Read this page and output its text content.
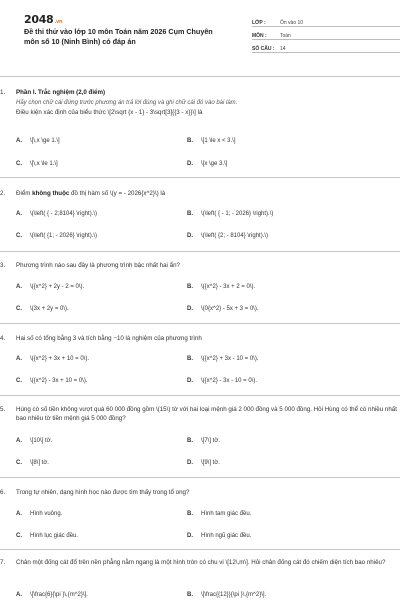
2048.vn
Đề thi thử vào lớp 10 môn Toán năm 2026 Cụm Chuyên môn số 10 (Ninh Bình) có đáp án
LỚP :	Ôn vào 10
MÔN :	Toán
SỐ CÂU :	14
1.	Phần I. Trắc nghiệm (2,0 điểm)
Hãy chọn chữ cái đứng trước phương án trả lời đúng và ghi chữ cái đó vào bài làm.
Điều kiện xác định của biểu thức \[2\sqrt {x - 1} - 3\sqrt[3]{{3 - x}}\] là
A.	\[\,x \ge 1.\]	B.	\[1 \le x < 3.\]
C.	\[\,x \le 1.\]	D.	\[x \ge 3.\]
2.	Điểm không thuộc đồ thị hàm số \(y = - 2026{x^2}\) là
A.	\(\left( { - 2;8104} \right).\)	B.	\(\left( { - 1; - 2026} \right).\)
C.	\(\left( {1; - 2026} \right).\)	D.	\(\left( {2; - 8104} \right).\)
3.	Phương trình nào sau đây là phương trình bậc nhất hai ẩn?
A.	\({x^2} + 2y - 2 = 0\).	B.	\({x^2} - 3x + 2 = 0\).
C.	\(3x + 2y = 0\).	D.	\(0{x^2} - 5x + 3 = 0\).
4.	Hai số có tổng bằng 3 và tích bằng −10 là nghiệm của phương trình
A.	\({x^2} + 3x + 10 = 0\).	B.	\({x^2} + 3x - 10 = 0\).
C.	\({x^2} - 3x + 10 = 0\).	D.	\({x^2} - 3x - 10 = 0\).
5.	Hùng có số tiền không vượt quá 60 000 đồng gồm \(15\) tờ với hai loại mệnh giá 2 000 đồng và 5 000 đồng. Hỏi Hùng có thể có nhiều nhất bao nhiêu tờ tiền mệnh giá 5 000 đồng?
A.	\[10\] tờ.	B.	\[7\] tờ.
C.	\[8\] tờ.	D.	\[9\] tờ.
6.	Trong tự nhiên, dạng hình học nào được tìm thấy trong tổ ong?
A.	Hình vuông.	B.	Hình tam giác đều.
C.	Hình lục giác đều.	D.	Hình ngũ giác đều.
7.	Chân một đống cát đổ trên nền phẳng nằm ngang là một hình tròn có chu vi \[12\,m\]. Hỏi chân đống cát đó chiếm diện tích bao nhiêu?
A.	\[\frac{6}{\pi }\,{m^2}\].	B.	\[\frac{{12}}{\pi }\,{m^2}\].
